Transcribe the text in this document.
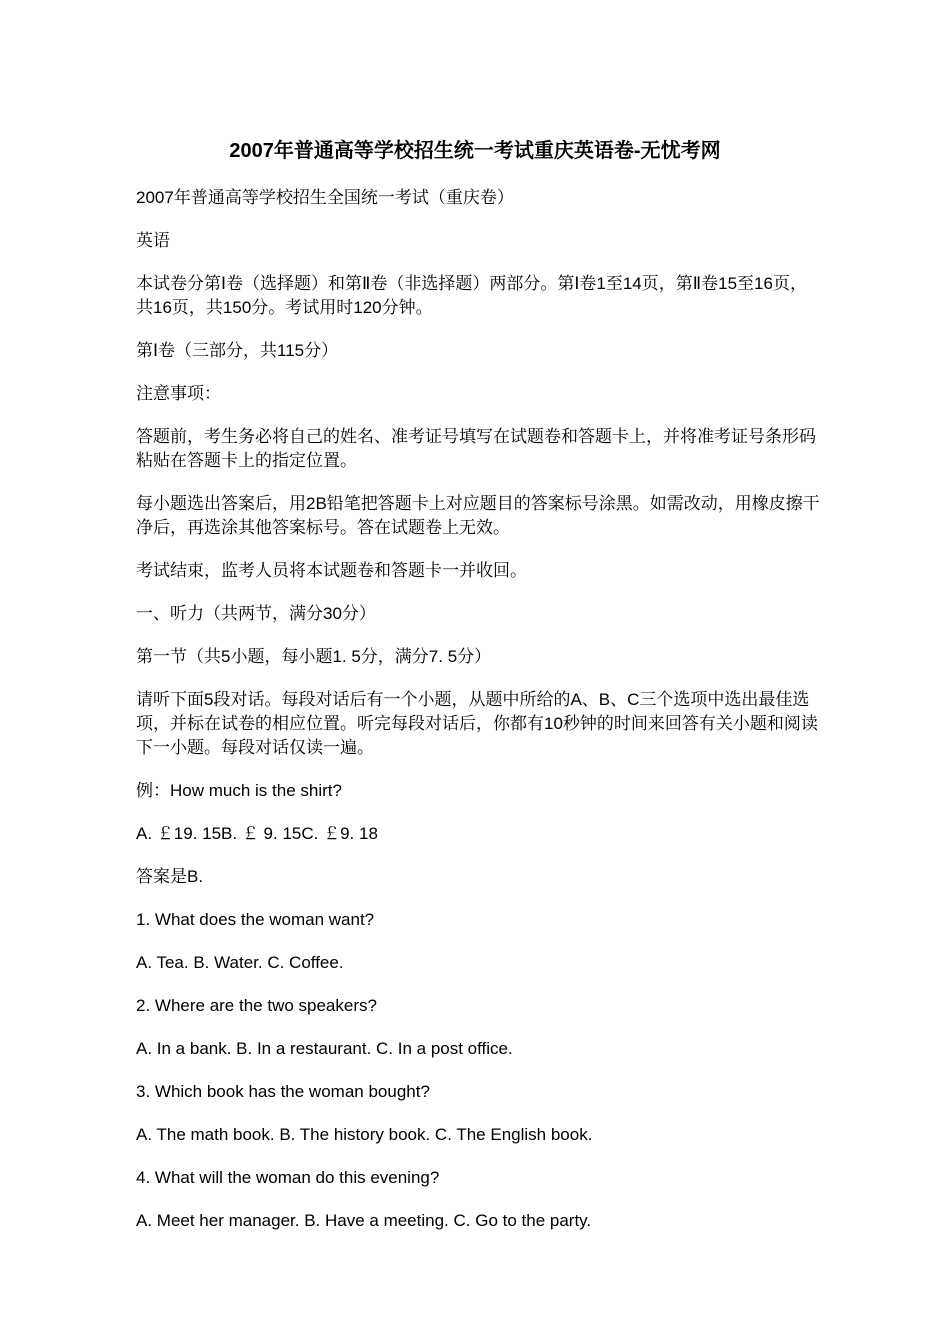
2007年普通高等学校招生统一考试重庆英语卷-无忧考网

2007年普通高等学校招生全国统一考试（重庆卷）

英语

本试卷分第Ⅰ卷（选择题）和第Ⅱ卷（非选择题）两部分。第Ⅰ卷1至14页，第Ⅱ卷15至16页，共16页，共150分。考试用时120分钟。

第Ⅰ卷（三部分，共115分）

注意事项：

答题前，考生务必将自己的姓名、准考证号填写在试题卷和答题卡上，并将准考证号条形码粘贴在答题卡上的指定位置。

每小题选出答案后，用2B铅笔把答题卡上对应题目的答案标号涂黑。如需改动，用橡皮擦干净后，再选涂其他答案标号。答在试题卷上无效。

考试结束，监考人员将本试题卷和答题卡一并收回。

一、听力（共两节，满分30分）

第一节（共5小题，每小题1. 5分，满分7. 5分）

请听下面5段对话。每段对话后有一个小题，从题中所给的A、B、C三个选项中选出最佳选项，并标在试卷的相应位置。听完每段对话后，你都有10秒钟的时间来回答有关小题和阅读下一小题。每段对话仅读一遍。

例：How much is the shirt?

A. ￡19. 15B. ￡ 9. 15C. ￡9. 18

答案是B.

1. What does the woman want?

A. Tea. B. Water. C. Coffee.

2. Where are the two speakers?

A. In a bank. B. In a restaurant. C. In a post office.

3. Which book has the woman bought?

A. The math book. B. The history book. C. The English book.

4. What will the woman do this evening?

A. Meet her manager. B. Have a meeting. C. Go to the party.
